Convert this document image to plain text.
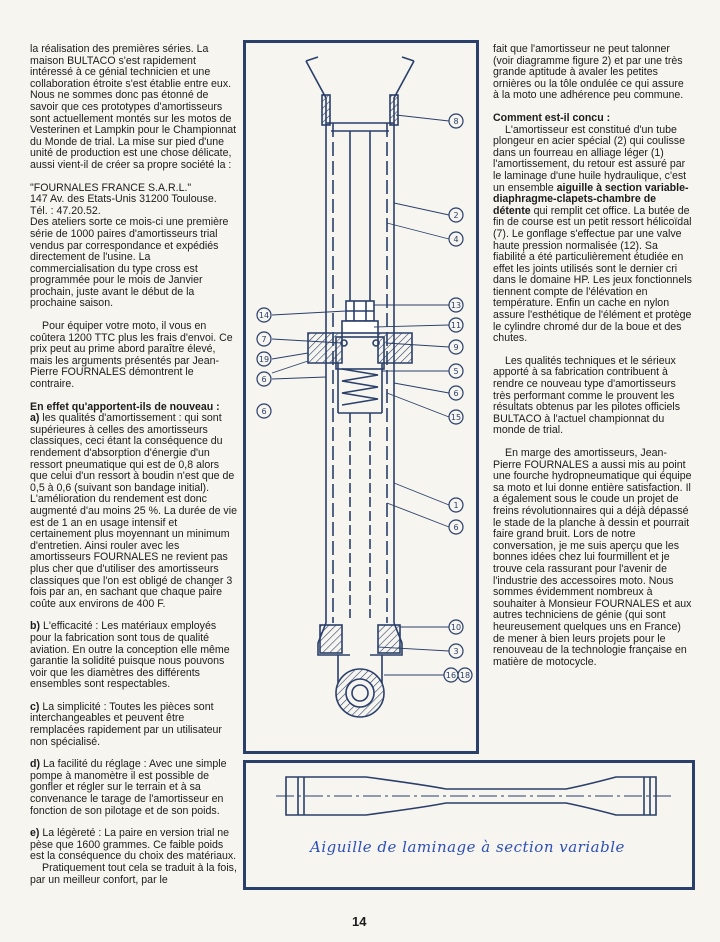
la réalisation des premières séries. La maison BULTACO s'est rapidement intéressé à ce génial technicien et une collaboration étroite s'est établie entre eux. Nous ne sommes donc pas étonné de savoir que ces prototypes d'amortisseurs sont actuellement montés sur les motos de Vesterinen et Lampkin pour le Championnat du Monde de trial. La mise sur pied d'une unité de production est une chose délicate, aussi vient-il de créer sa propre société la :

"FOURNALES FRANCE S.A.R.L."
147 Av. des Etats-Unis 31200 Toulouse.
Tél. : 47.20.52.

Des ateliers sorte ce mois-ci une première série de 1000 paires d'amortisseurs trial vendus par correspondance et expédiés directement de l'usine. La commercialisation du type cross est programmée pour le mois de Janvier prochain, juste avant le début de la prochaine saison.

Pour équiper votre moto, il vous en coûtera 1200 TTC plus les frais d'envoi. Ce prix peut au prime abord paraître élevé, mais les arguments présentés par Jean-Pierre FOURNALES démontrent le contraire.

En effet qu'apportent-ils de nouveau :

a) les qualités d'amortissement : qui sont supérieures à celles des amortisseurs classiques, ceci étant la conséquence du rendement d'absorption d'énergie d'un ressort pneumatique qui est de 0,8 alors que celui d'un ressort à boudin n'est que de 0,5 à 0,6 (suivant son bandage initial). L'amélioration du rendement est donc augmenté d'au moins 25 %. La durée de vie est de 1 an en usage intensif et certainement plus moyennant un minimum d'entretien. Ainsi rouler avec les amortisseurs FOURNALES ne revient pas plus cher que d'utiliser des amortisseurs classiques que l'on est obligé de changer 3 fois par an, en sachant que chaque paire coûte aux environs de 400 F.

b) L'efficacité : Les matériaux employés pour la fabrication sont tous de qualité aviation. En outre la conception elle même garantie la solidité puisque nous pouvons voir que les diamètres des différents ensembles sont respectables.

c) La simplicité : Toutes les pièces sont interchangeables et peuvent être remplacées rapidement par un utilisateur non spécialisé.

d) La facilité du réglage : Avec une simple pompe à manomètre il est possible de gonfler et régler sur le terrain et à sa convenance le tarage de l'amortisseur en fonction de son pilotage et de son poids.

e) La légèreté : La paire en version trial ne pèse que 1600 grammes. Ce faible poids est la conséquence du choix des matériaux.
Pratiquement tout cela se traduit à la fois, par un meilleur confort, par le
8
2
4
13
11
9
5
6
15
1
6
10
3
16 18
14
7
19
6
6

fait que l'amortisseur ne peut talonner (voir diagramme figure 2) et par une très grande aptitude à avaler les petites ornières ou la tôle ondulée ce qui assure à la moto une adhérence peu commune.

Comment est-il concu :

L'amortisseur est constitué d'un tube plongeur en acier spécial (2) qui coulisse dans un fourreau en alliage léger (1) l'amortissement, du retour est assuré par le laminage d'une huile hydraulique, c'est un ensemble aiguille à section variable-diaphragme-clapets-chambre de détente qui remplit cet office. La butée de fin de course est un petit ressort hélicoïdal (7). Le gonflage s'effectue par une valve haute pression normalisée (12). Sa fiabilité a été particulièrement étudiée en effet les joints utilisés sont le dernier cri dans le domaine HP. Les jeux fonctionnels tiennent compte de l'élévation en température. Enfin un cache en nylon assure l'esthétique de l'élément et protège le cylindre chromé dur de la boue et des chutes.

Les qualités techniques et le sérieux apporté à sa fabrication contribuent à rendre ce nouveau type d'amortisseurs très performant comme le prouvent les résultats obtenus par les pilotes officiels BULTACO à l'actuel championnat du monde de trial.

En marge des amortisseurs, Jean-Pierre FOURNALES a aussi mis au point une fourche hydropneumatique qui équipe sa moto et lui donne entière satisfaction. Il a également sous le coude un projet de freins révolutionnaires qui a déjà dépassé le stade de la planche à dessin et pourrait faire grand bruit. Lors de notre conversation, je me suis aperçu que les bonnes idées chez lui fourmillent et je trouve cela rassurant pour l'avenir de l'industrie des accessoires moto. Nous sommes évidemment nombreux à souhaiter à Monsieur FOURNALES et aux autres techniciens de génie (qui sont heureusement quelques uns en France) de mener à bien leurs projets pour le renouveau de la technologie française en matière de motocycle.

Aiguille de laminage à section variable
14
